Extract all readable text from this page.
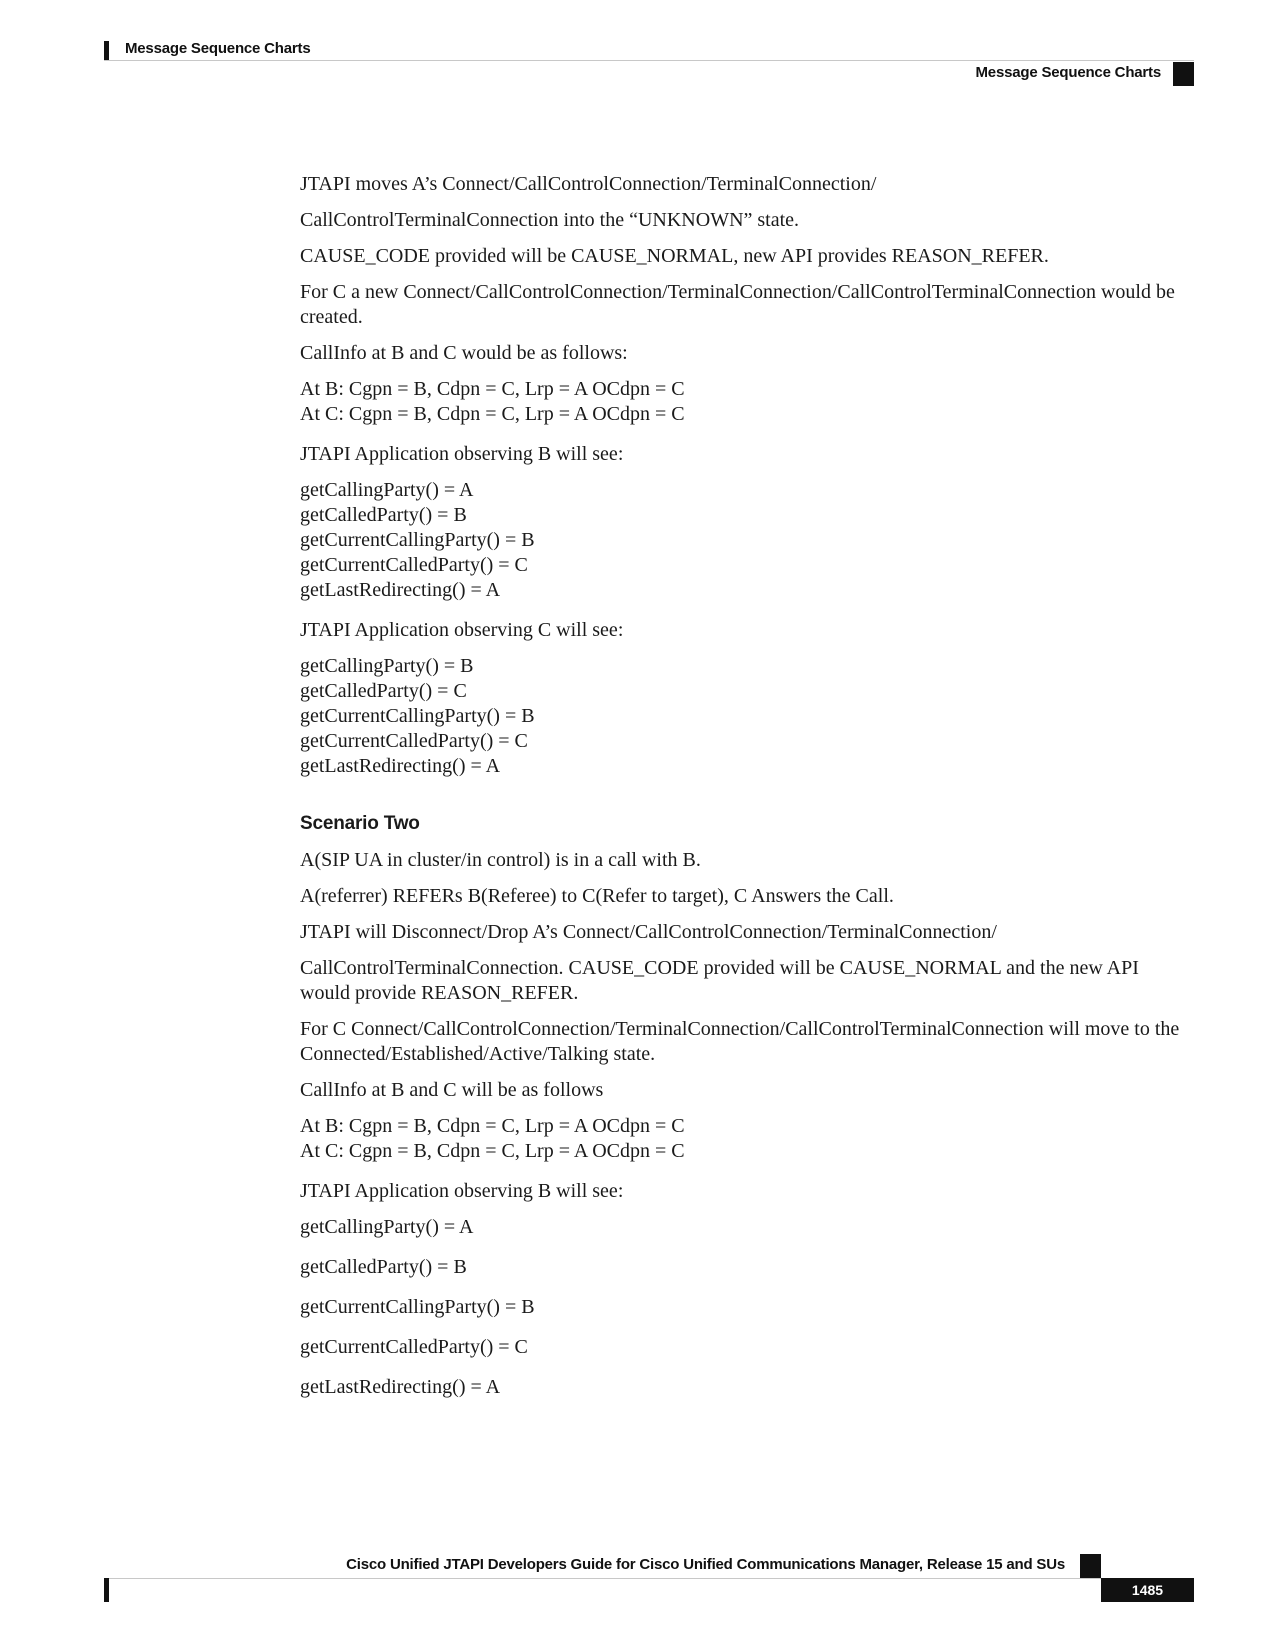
Message Sequence Charts
Message Sequence Charts

JTAPI moves A’s Connect/CallControlConnection/TerminalConnection/

CallControlTerminalConnection into the “UNKNOWN” state.

CAUSE_CODE provided will be CAUSE_NORMAL, new API provides REASON_REFER.

For C a new Connect/CallControlConnection/TerminalConnection/CallControlTerminalConnection would be created.

CallInfo at B and C would be as follows:

At B: Cgpn = B, Cdpn = C, Lrp = A OCdpn = C
At C: Cgpn = B, Cdpn = C, Lrp = A OCdpn = C

JTAPI Application observing B will see:

getCallingParty() = A
getCalledParty() = B
getCurrentCallingParty() = B
getCurrentCalledParty() = C
getLastRedirecting() = A

JTAPI Application observing C will see:

getCallingParty() = B
getCalledParty() = C
getCurrentCallingParty() = B
getCurrentCalledParty() = C
getLastRedirecting() = A
Scenario Two

A(SIP UA in cluster/in control) is in a call with B.

A(referrer) REFERs B(Referee) to C(Refer to target), C Answers the Call.

JTAPI will Disconnect/Drop A’s Connect/CallControlConnection/TerminalConnection/

CallControlTerminalConnection. CAUSE_CODE provided will be CAUSE_NORMAL and the new API would provide REASON_REFER.

For C Connect/CallControlConnection/TerminalConnection/CallControlTerminalConnection will move to the Connected/Established/Active/Talking state.

CallInfo at B and C will be as follows

At B: Cgpn = B, Cdpn = C, Lrp = A OCdpn = C
At C: Cgpn = B, Cdpn = C, Lrp = A OCdpn = C

JTAPI Application observing B will see:

getCallingParty() = A

getCalledParty() = B

getCurrentCallingParty() = B

getCurrentCalledParty() = C

getLastRedirecting() = A

Cisco Unified JTAPI Developers Guide for Cisco Unified Communications Manager, Release 15 and SUs
1485
